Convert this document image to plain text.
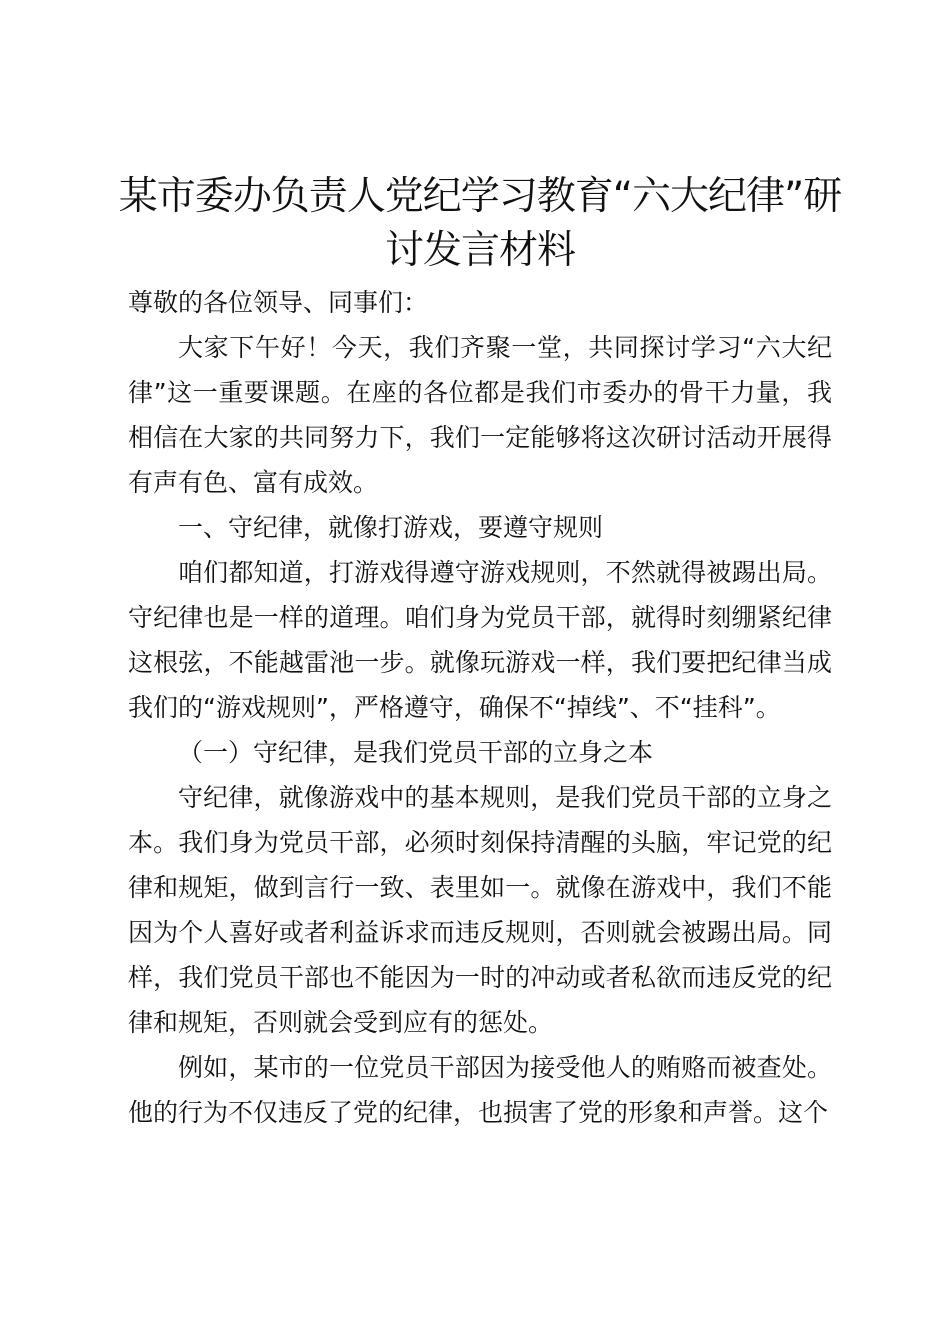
某市委办负责人党纪学习教育“六大纪律”研讨发言材料

尊敬的各位领导、同事们：

大家下午好！今天，我们齐聚一堂，共同探讨学习“六大纪律”这一重要课题。在座的各位都是我们市委办的骨干力量，我相信在大家的共同努力下，我们一定能够将这次研讨活动开展得有声有色、富有成效。

一、守纪律，就像打游戏，要遵守规则

咱们都知道，打游戏得遵守游戏规则，不然就得被踢出局。守纪律也是一样的道理。咱们身为党员干部，就得时刻绷紧纪律这根弦，不能越雷池一步。就像玩游戏一样，我们要把纪律当成我们的“游戏规则”，严格遵守，确保不“掉线”、不“挂科”。

（一）守纪律，是我们党员干部的立身之本

守纪律，就像游戏中的基本规则，是我们党员干部的立身之本。我们身为党员干部，必须时刻保持清醒的头脑，牢记党的纪律和规矩，做到言行一致、表里如一。就像在游戏中，我们不能因为个人喜好或者利益诉求而违反规则，否则就会被踢出局。同样，我们党员干部也不能因为一时的冲动或者私欲而违反党的纪律和规矩，否则就会受到应有的惩处。

例如，某市的一位党员干部因为接受他人的贿赂而被查处。他的行为不仅违反了党的纪律，也损害了党的形象和声誉。这个
